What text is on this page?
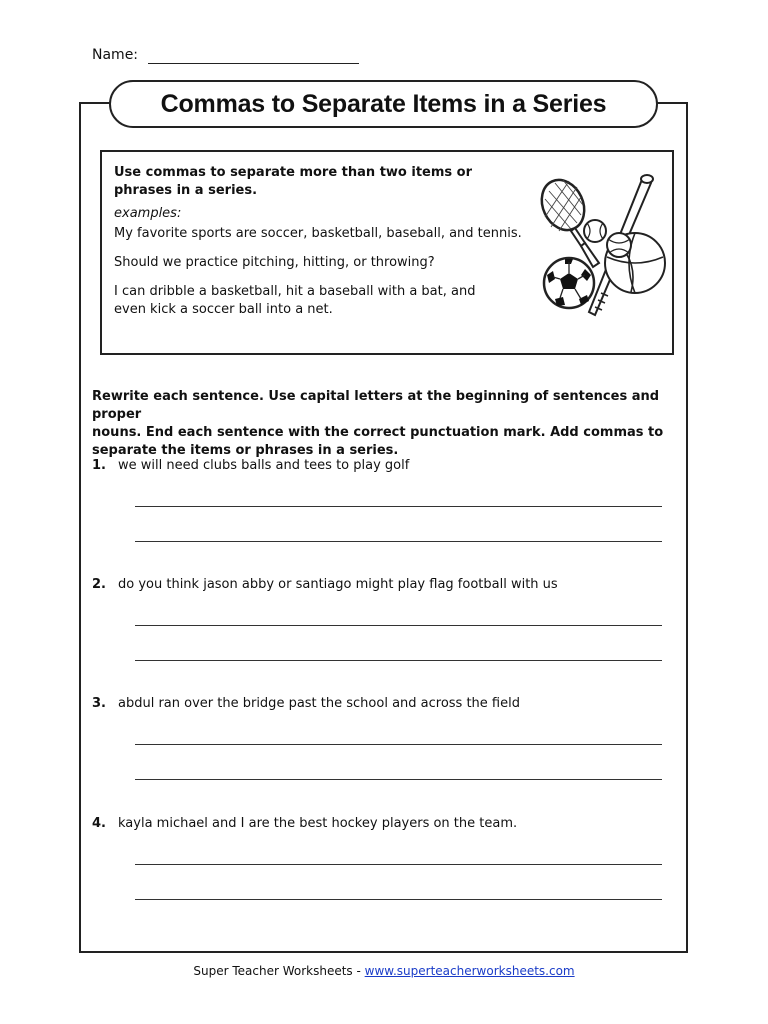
Name:
Commas to Separate Items in a Series

Use commas to separate more than two items or

phrases in a series.

examples:

My favorite sports are soccer, basketball, baseball, and tennis.

Should we practice pitching, hitting, or throwing?

I can dribble a basketball, hit a baseball with a bat, and

even kick a soccer ball into a net.

Rewrite each sentence. Use capital letters at the beginning of sentences and proper
nouns. End each sentence with the correct punctuation mark. Add commas to
separate the items or phrases in a series.
1. we will need clubs balls and tees to play golf
2. do you think jason abby or santiago might play flag football with us
3. abdul ran over the bridge past the school and across the field
4. kayla michael and I are the best hockey players on the team.
Super Teacher Worksheets - www.superteacherworksheets.com
